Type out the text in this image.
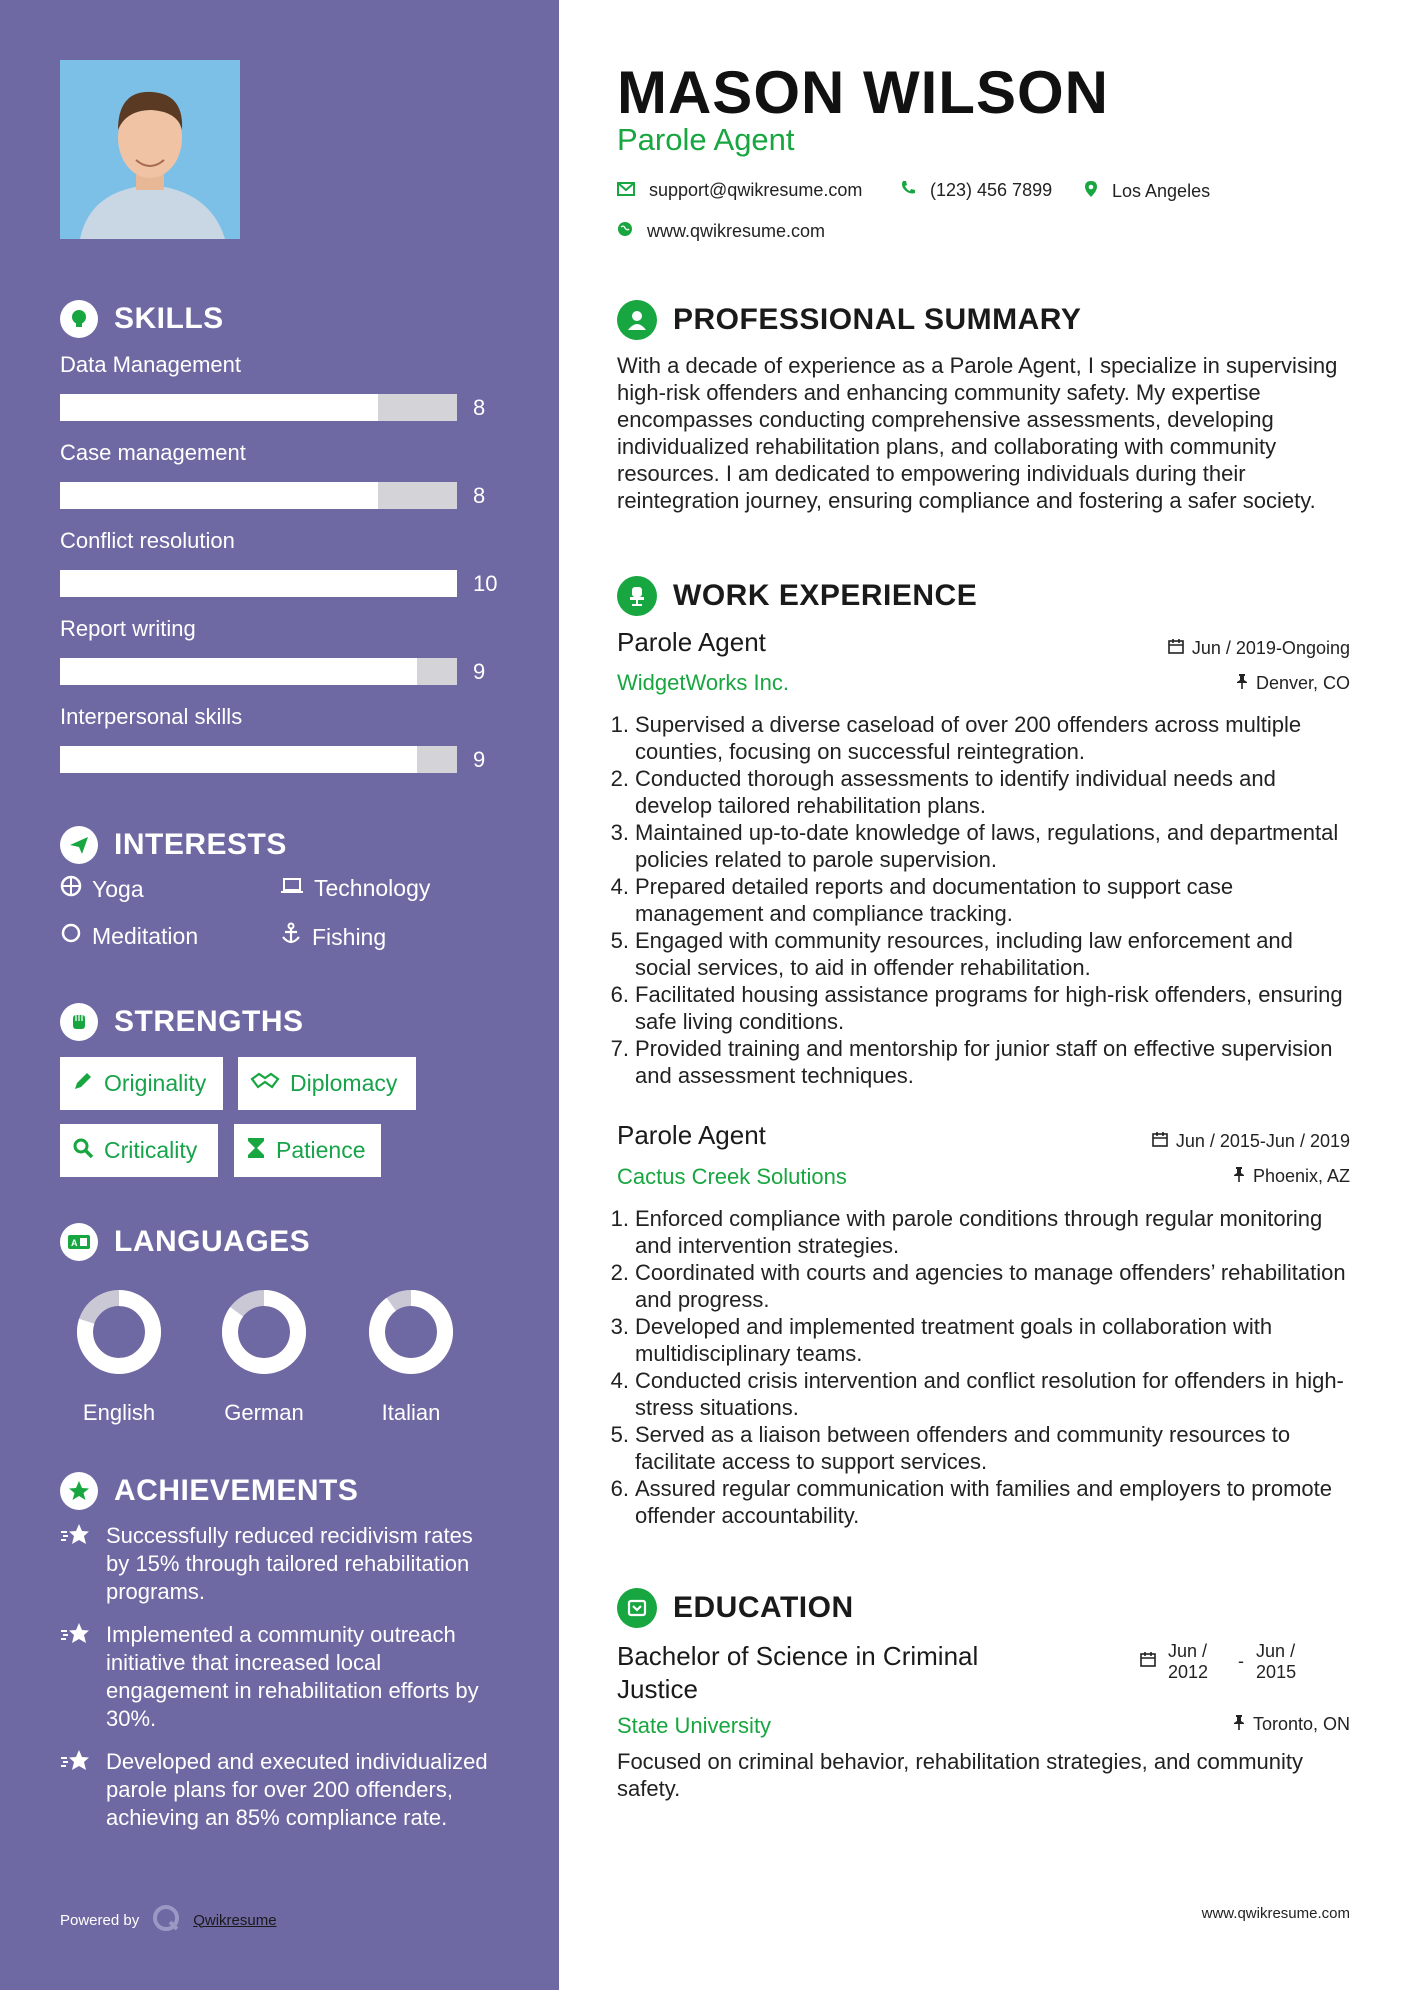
SKILLS
Data Management
8
Case management
8
Conflict resolution
10
Report writing
9
Interpersonal skills
9
INTERESTS
Yoga	Technology
Meditation	Fishing
STRENGTHS
Originality	Diplomacy
Criticality	Patience
A LANGUAGES
English	German	Italian
ACHIEVEMENTS
Successfully reduced recidivism rates by 15% through tailored rehabilitation programs.
Implemented a community outreach initiative that increased local engagement in rehabilitation efforts by 30%.
Developed and executed individualized parole plans for over 200 offenders, achieving an 85% compliance rate.
Powered by	Qwikresume
MASON WILSON
Parole Agent
support@qwikresume.com	(123) 456 7899	Los Angeles
www.qwikresume.com
PROFESSIONAL SUMMARY
With a decade of experience as a Parole Agent, I specialize in supervising high-risk offenders and enhancing community safety. My expertise encompasses conducting comprehensive assessments, developing individualized rehabilitation plans, and collaborating with community resources. I am dedicated to empowering individuals during their reintegration journey, ensuring compliance and fostering a safer society.
WORK EXPERIENCE
Parole Agent
WidgetWorks Inc.
Jun / 2019-Ongoing
Denver, CO
1. Supervised a diverse caseload of over 200 offenders across multiple counties, focusing on successful reintegration.
2. Conducted thorough assessments to identify individual needs and develop tailored rehabilitation plans.
3. Maintained up-to-date knowledge of laws, regulations, and departmental policies related to parole supervision.
4. Prepared detailed reports and documentation to support case management and compliance tracking.
5. Engaged with community resources, including law enforcement and social services, to aid in offender rehabilitation.
6. Facilitated housing assistance programs for high-risk offenders, ensuring safe living conditions.
7. Provided training and mentorship for junior staff on effective supervision and assessment techniques.
Parole Agent
Cactus Creek Solutions
Jun / 2015-Jun / 2019
Phoenix, AZ
1. Enforced compliance with parole conditions through regular monitoring and intervention strategies.
2. Coordinated with courts and agencies to manage offenders’ rehabilitation and progress.
3. Developed and implemented treatment goals in collaboration with multidisciplinary teams.
4. Conducted crisis intervention and conflict resolution for offenders in high-stress situations.
5. Served as a liaison between offenders and community resources to facilitate access to support services.
6. Assured regular communication with families and employers to promote offender accountability.
EDUCATION
Bachelor of Science in Criminal
Justice
State University
Jun /
2012
- Jun /
2015
Toronto, ON
Focused on criminal behavior, rehabilitation strategies, and community safety.
www.qwikresume.com
